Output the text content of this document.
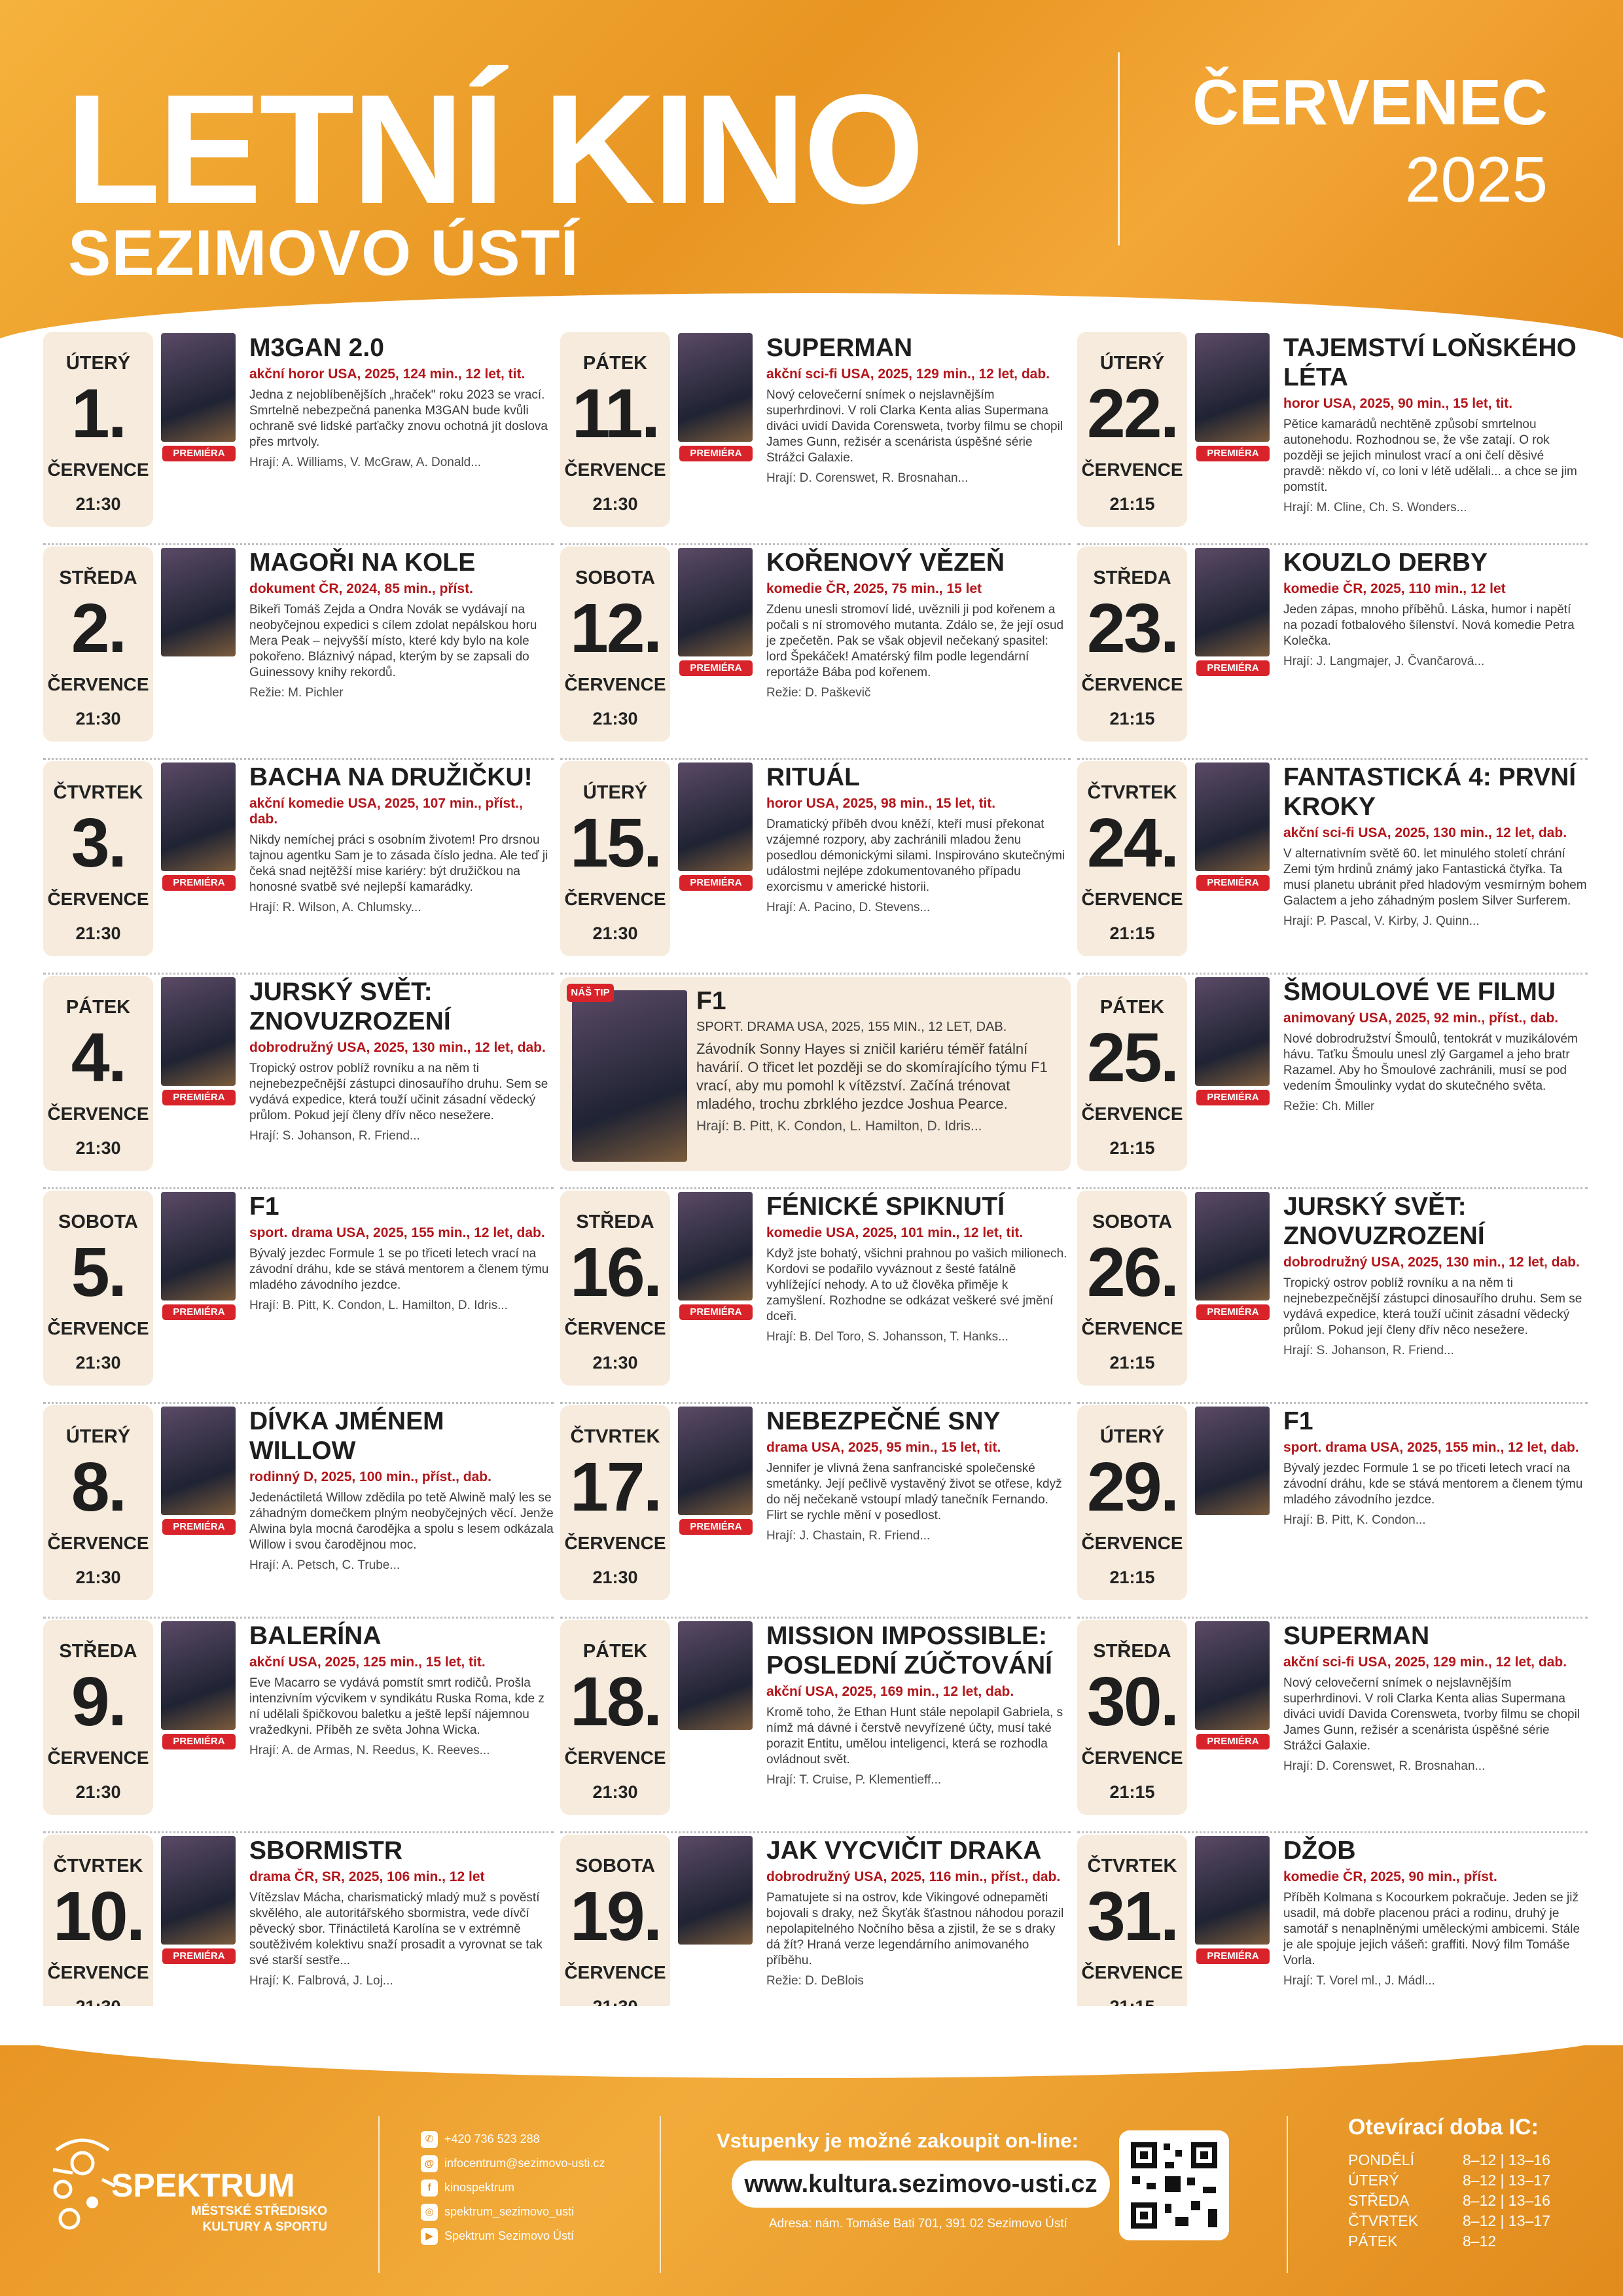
LETNÍ KINO
SEZIMOVO ÚSTÍ
ČERVENEC
2025
ÚTERÝ
1.
ČERVENCE
21:30
PREMIÉRA
M3GAN 2.0
akční horor USA, 2025, 124 min., 12 let, tit.
Jedna z nejoblíbenějších „hraček" roku 2023 se vrací. Smrtelně nebezpečná panenka M3GAN bude kvůli ochraně své lidské parťačky znovu ochotná jít doslova přes mrtvoly.
Hrají: A. Williams, V. McGraw, A. Donald...
STŘEDA
2.
ČERVENCE
21:30
MAGOŘI NA KOLE
dokument ČR, 2024, 85 min., příst.
Bikeři Tomáš Zejda a Ondra Novák se vydávají na neobyčejnou expedici s cílem zdolat nepálskou horu Mera Peak – nejvyšší místo, které kdy bylo na kole pokořeno. Bláznivý nápad, kterým by se zapsali do Guinessovy knihy rekordů.
Režie: M. Pichler
ČTVRTEK
3.
ČERVENCE
21:30
PREMIÉRA
BACHA NA DRUŽIČKU!
akční komedie USA, 2025, 107 min., příst., dab.
Nikdy nemíchej práci s osobním životem! Pro drsnou tajnou agentku Sam je to zásada číslo jedna. Ale teď ji čeká snad nejtěžší mise kariéry: být družičkou na honosné svatbě své nejlepší kamarádky.
Hrají: R. Wilson, A. Chlumsky...
PÁTEK
4.
ČERVENCE
21:30
PREMIÉRA
JURSKÝ SVĚT: ZNOVUZROZENÍ
dobrodružný USA, 2025, 130 min., 12 let, dab.
Tropický ostrov poblíž rovníku a na něm ti nejnebezpečnější zástupci dinosauřího druhu. Sem se vydává expedice, která touží učinit zásadní vědecký průlom. Pokud její členy dřív něco nesežere.
Hrají: S. Johanson, R. Friend...
SOBOTA
5.
ČERVENCE
21:30
PREMIÉRA
F1
sport. drama USA, 2025, 155 min., 12 let, dab.
Bývalý jezdec Formule 1 se po třiceti letech vrací na závodní dráhu, kde se stává mentorem a členem týmu mladého závodního jezdce.
Hrají: B. Pitt, K. Condon, L. Hamilton, D. Idris...
ÚTERÝ
8.
ČERVENCE
21:30
PREMIÉRA
DÍVKA JMÉNEM WILLOW
rodinný D, 2025, 100 min., příst., dab.
Jedenáctiletá Willow zdědila po tetě Alwině malý les se záhadným domečkem plným neobyčejných věcí. Jenže Alwina byla mocná čarodějka a spolu s lesem odkázala Willow i svou čarodějnou moc.
Hrají: A. Petsch, C. Trube...
STŘEDA
9.
ČERVENCE
21:30
PREMIÉRA
BALERÍNA
akční USA, 2025, 125 min., 15 let, tit.
Eve Macarro se vydává pomstít smrt rodičů. Prošla intenzivním výcvikem v syndikátu Ruska Roma, kde z ní udělali špičkovou baletku a ještě lepší nájemnou vražedkyni. Příběh ze světa Johna Wicka.
Hrají: A. de Armas, N. Reedus, K. Reeves...
ČTVRTEK
10.
ČERVENCE
PREMIÉRA
SBORMISTR
drama ČR, SR, 2025, 106 min., 12 let
Vítězslav Mácha, charismatický mladý muž s pověstí skvělého, ale autoritářského sbormistra, vede dívčí pěvecký sbor. Třináctiletá Karolína se v extrémně soutěživém kolektivu snaží prosadit a vyrovnat se tak své starší sestře...
Hrají: K. Falbrová, J. Loj...
PÁTEK
11.
ČERVENCE
21:30
PREMIÉRA
SUPERMAN
akční sci-fi USA, 2025, 129 min., 12 let, dab.
Nový celovečerní snímek o nejslavnějším superhrdinovi. V roli Clarka Kenta alias Supermana diváci uvidí Davida Corensweta, tvorby filmu se chopil James Gunn, režisér a scenárista úspěšné série Strážci Galaxie.
Hrají: D. Corenswet, R. Brosnahan...
SOBOTA
12.
ČERVENCE
21:30
PREMIÉRA
KOŘENOVÝ VĚZEŇ
komedie ČR, 2025, 75 min., 15 let
Zdenu unesli stromoví lidé, uvěznili ji pod kořenem a počali s ní stromového mutanta. Zdálo se, že její osud je zpečetěn. Pak se však objevil nečekaný spasitel: lord Špekáček! Amatérský film podle legendární reportáže Bába pod kořenem.
Režie: D. Paškevič
ÚTERÝ
15.
ČERVENCE
21:30
PREMIÉRA
RITUÁL
horor USA, 2025, 98 min., 15 let, tit.
Dramatický příběh dvou kněží, kteří musí překonat vzájemné rozpory, aby zachránili mladou ženu posedlou démonickými silami. Inspirováno skutečnými událostmi nejlépe zdokumentovaného případu exorcismu v americké historii.
Hrají: A. Pacino, D. Stevens...
NÁŠ TIP	F1
SPORT. DRAMA USA, 2025, 155 MIN., 12 LET, DAB.
Závodník Sonny Hayes si zničil kariéru téměř fatální havárií. O třicet let později se do skomírajícího týmu F1 vrací, aby mu pomohl k vítězství. Začíná trénovat mladého, trochu zbrklého jezdce Joshua Pearce.
Hrají: B. Pitt, K. Condon, L. Hamilton, D. Idris...
STŘEDA
16.
ČERVENCE
21:30
PREMIÉRA
FÉNICKÉ SPIKNUTÍ
komedie USA, 2025, 101 min., 12 let, tit.
Když jste bohatý, všichni prahnou po vašich milionech. Kordovi se podařilo vyváznout z šesté fatálně vyhlížející nehody. A to už člověka přiměje k zamyšlení. Rozhodne se odkázat veškeré své jmění dceři.
Hrají: B. Del Toro, S. Johansson, T. Hanks...
ČTVRTEK
17.
ČERVENCE
21:30
PREMIÉRA
NEBEZPEČNÉ SNY
drama USA, 2025, 95 min., 15 let, tit.
Jennifer je vlivná žena sanfranciské společenské smetánky. Její pečlivě vystavěný život se otřese, když do něj nečekaně vstoupí mladý tanečník Fernando. Flirt se rychle mění v posedlost.
Hrají: J. Chastain, R. Friend...
PÁTEK
18.
ČERVENCE
21:30
MISSION IMPOSSIBLE: POSLEDNÍ ZÚČTOVÁNÍ
akční USA, 2025, 169 min., 12 let, dab.
Kromě toho, že Ethan Hunt stále nepolapil Gabriela, s nímž má dávné i čerstvě nevyřízené účty, musí také porazit Entitu, umělou inteligenci, která se rozhodla ovládnout svět.
Hrají: T. Cruise, P. Klementieff...
SOBOTA
19.
ČERVENCE
JAK VYCVIČIT DRAKA
dobrodružný USA, 2025, 116 min., příst., dab.
Pamatujete si na ostrov, kde Vikingové odnepaměti bojovali s draky, než Škyťák šťastnou náhodou porazil nepolapitelného Nočního běsa a zjistil, že se s draky dá žít? Hraná verze legendárního animovaného příběhu.
Režie: D. DeBlois
ÚTERÝ
22.
ČERVENCE
21:15
PREMIÉRA
TAJEMSTVÍ LOŇSKÉHO LÉTA
horor USA, 2025, 90 min., 15 let, tit.
Pětice kamarádů nechtěně způsobí smrtelnou autonehodu. Rozhodnou se, že vše zatají. O rok později se jejich minulost vrací a oni čelí děsivé pravdě: někdo ví, co loni v létě udělali... a chce se jim pomstít.
Hrají: M. Cline, Ch. S. Wonders...
STŘEDA
23.
ČERVENCE
21:15
PREMIÉRA
KOUZLO DERBY
komedie ČR, 2025, 110 min., 12 let
Jeden zápas, mnoho příběhů. Láska, humor i napětí na pozadí fotbalového šílenství. Nová komedie Petra Kolečka.
Hrají: J. Langmajer, J. Čvančarová...
ČTVRTEK
24.
ČERVENCE
21:15
PREMIÉRA
FANTASTICKÁ 4: PRVNÍ KROKY
akční sci-fi USA, 2025, 130 min., 12 let, dab.
V alternativním světě 60. let minulého století chrání Zemi tým hrdinů známý jako Fantastická čtyřka. Ta musí planetu ubránit před hladovým vesmírným bohem Galactem a jeho záhadným poslem Silver Surferem.
Hrají: P. Pascal, V. Kirby, J. Quinn...
PÁTEK
25.
ČERVENCE
21:15
PREMIÉRA
ŠMOULOVÉ VE FILMU
animovaný USA, 2025, 92 min., příst., dab.
Nové dobrodružství Šmoulů, tentokrát v muzikálovém hávu. Taťku Šmoulu unesl zlý Gargamel a jeho bratr Razamel. Aby ho Šmoulové zachránili, musí se pod vedením Šmoulinky vydat do skutečného světa.
Režie: Ch. Miller
SOBOTA
26.
ČERVENCE
21:15
PREMIÉRA
JURSKÝ SVĚT: ZNOVUZROZENÍ
dobrodružný USA, 2025, 130 min., 12 let, dab.
Tropický ostrov poblíž rovníku a na něm ti nejnebezpečnější zástupci dinosauřího druhu. Sem se vydává expedice, která touží učinit zásadní vědecký průlom. Pokud její členy dřív něco nesežere.
Hrají: S. Johanson, R. Friend...
ÚTERÝ
29.
ČERVENCE
21:15
F1
sport. drama USA, 2025, 155 min., 12 let, dab.
Bývalý jezdec Formule 1 se po třiceti letech vrací na závodní dráhu, kde se stává mentorem a členem týmu mladého závodního jezdce.
Hrají: B. Pitt, K. Condon...
STŘEDA
30.
ČERVENCE
21:15
PREMIÉRA
SUPERMAN
akční sci-fi USA, 2025, 129 min., 12 let, dab.
Nový celovečerní snímek o nejslavnějším superhrdinovi. V roli Clarka Kenta alias Supermana diváci uvidí Davida Corensweta, tvorby filmu se chopil James Gunn, režisér a scenárista úspěšné série Strážci Galaxie.
Hrají: D. Corenswet, R. Brosnahan...
ČTVRTEK
31.
ČERVENCE
PREMIÉRA
DŽOB
komedie ČR, 2025, 90 min., příst.
Příběh Kolmana s Kocourkem pokračuje. Jeden se již usadil, má dobře placenou práci a rodinu, druhý je samotář s nenaplněnými uměleckými ambicemi. Stále je ale spojuje jejich vášeň: graffiti. Nový film Tomáše Vorla.
Hrají: T. Vorel ml., J. Mádl...
SPEKTRUM
MĚSTSKÉ STŘEDISKO KULTURY A SPORTU
✆ +420 736 523 288
@ infocentrum@sezimovo-usti.cz
f kinospektrum
◎ spektrum_sezimovo_usti
▶ Spektrum Sezimovo Ústí
Vstupenky je možné zakoupit on-line:
www.kultura.sezimovo-usti.cz
Adresa: nám. Tomáše Bati 701, 391 02 Sezimovo Ústí
Otevírací doba IC:
PONDĚLÍ	8–12 | 13–16
ÚTERÝ	8–12 | 13–17
STŘEDA	8–12 | 13–16
ČTVRTEK	8–12 | 13–17
PÁTEK	8–12
